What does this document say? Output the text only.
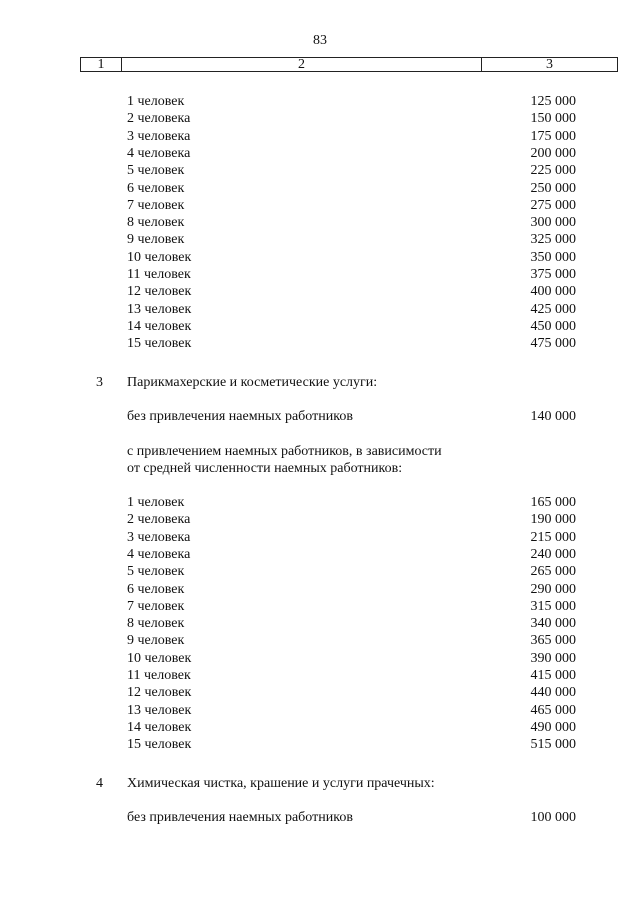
83
1	2	3
1 человек	125 000
2 человека	150 000
3 человека	175 000
4 человека	200 000
5 человек	225 000
6 человек	250 000
7 человек	275 000
8 человек	300 000
9 человек	325 000
10 человек	350 000
11 человек	375 000
12 человек	400 000
13 человек	425 000
14 человек	450 000
15 человек	475 000
3 Парикмахерские и косметические услуги:
без привлечения наемных работников	140 000
с привлечением наемных работников, в зависимости
от средней численности наемных работников:
1 человек	165 000
2 человека	190 000
3 человека	215 000
4 человека	240 000
5 человек	265 000
6 человек	290 000
7 человек	315 000
8 человек	340 000
9 человек	365 000
10 человек	390 000
11 человек	415 000
12 человек	440 000
13 человек	465 000
14 человек	490 000
15 человек	515 000
4 Химическая чистка, крашение и услуги прачечных:
без привлечения наемных работников	100 000
